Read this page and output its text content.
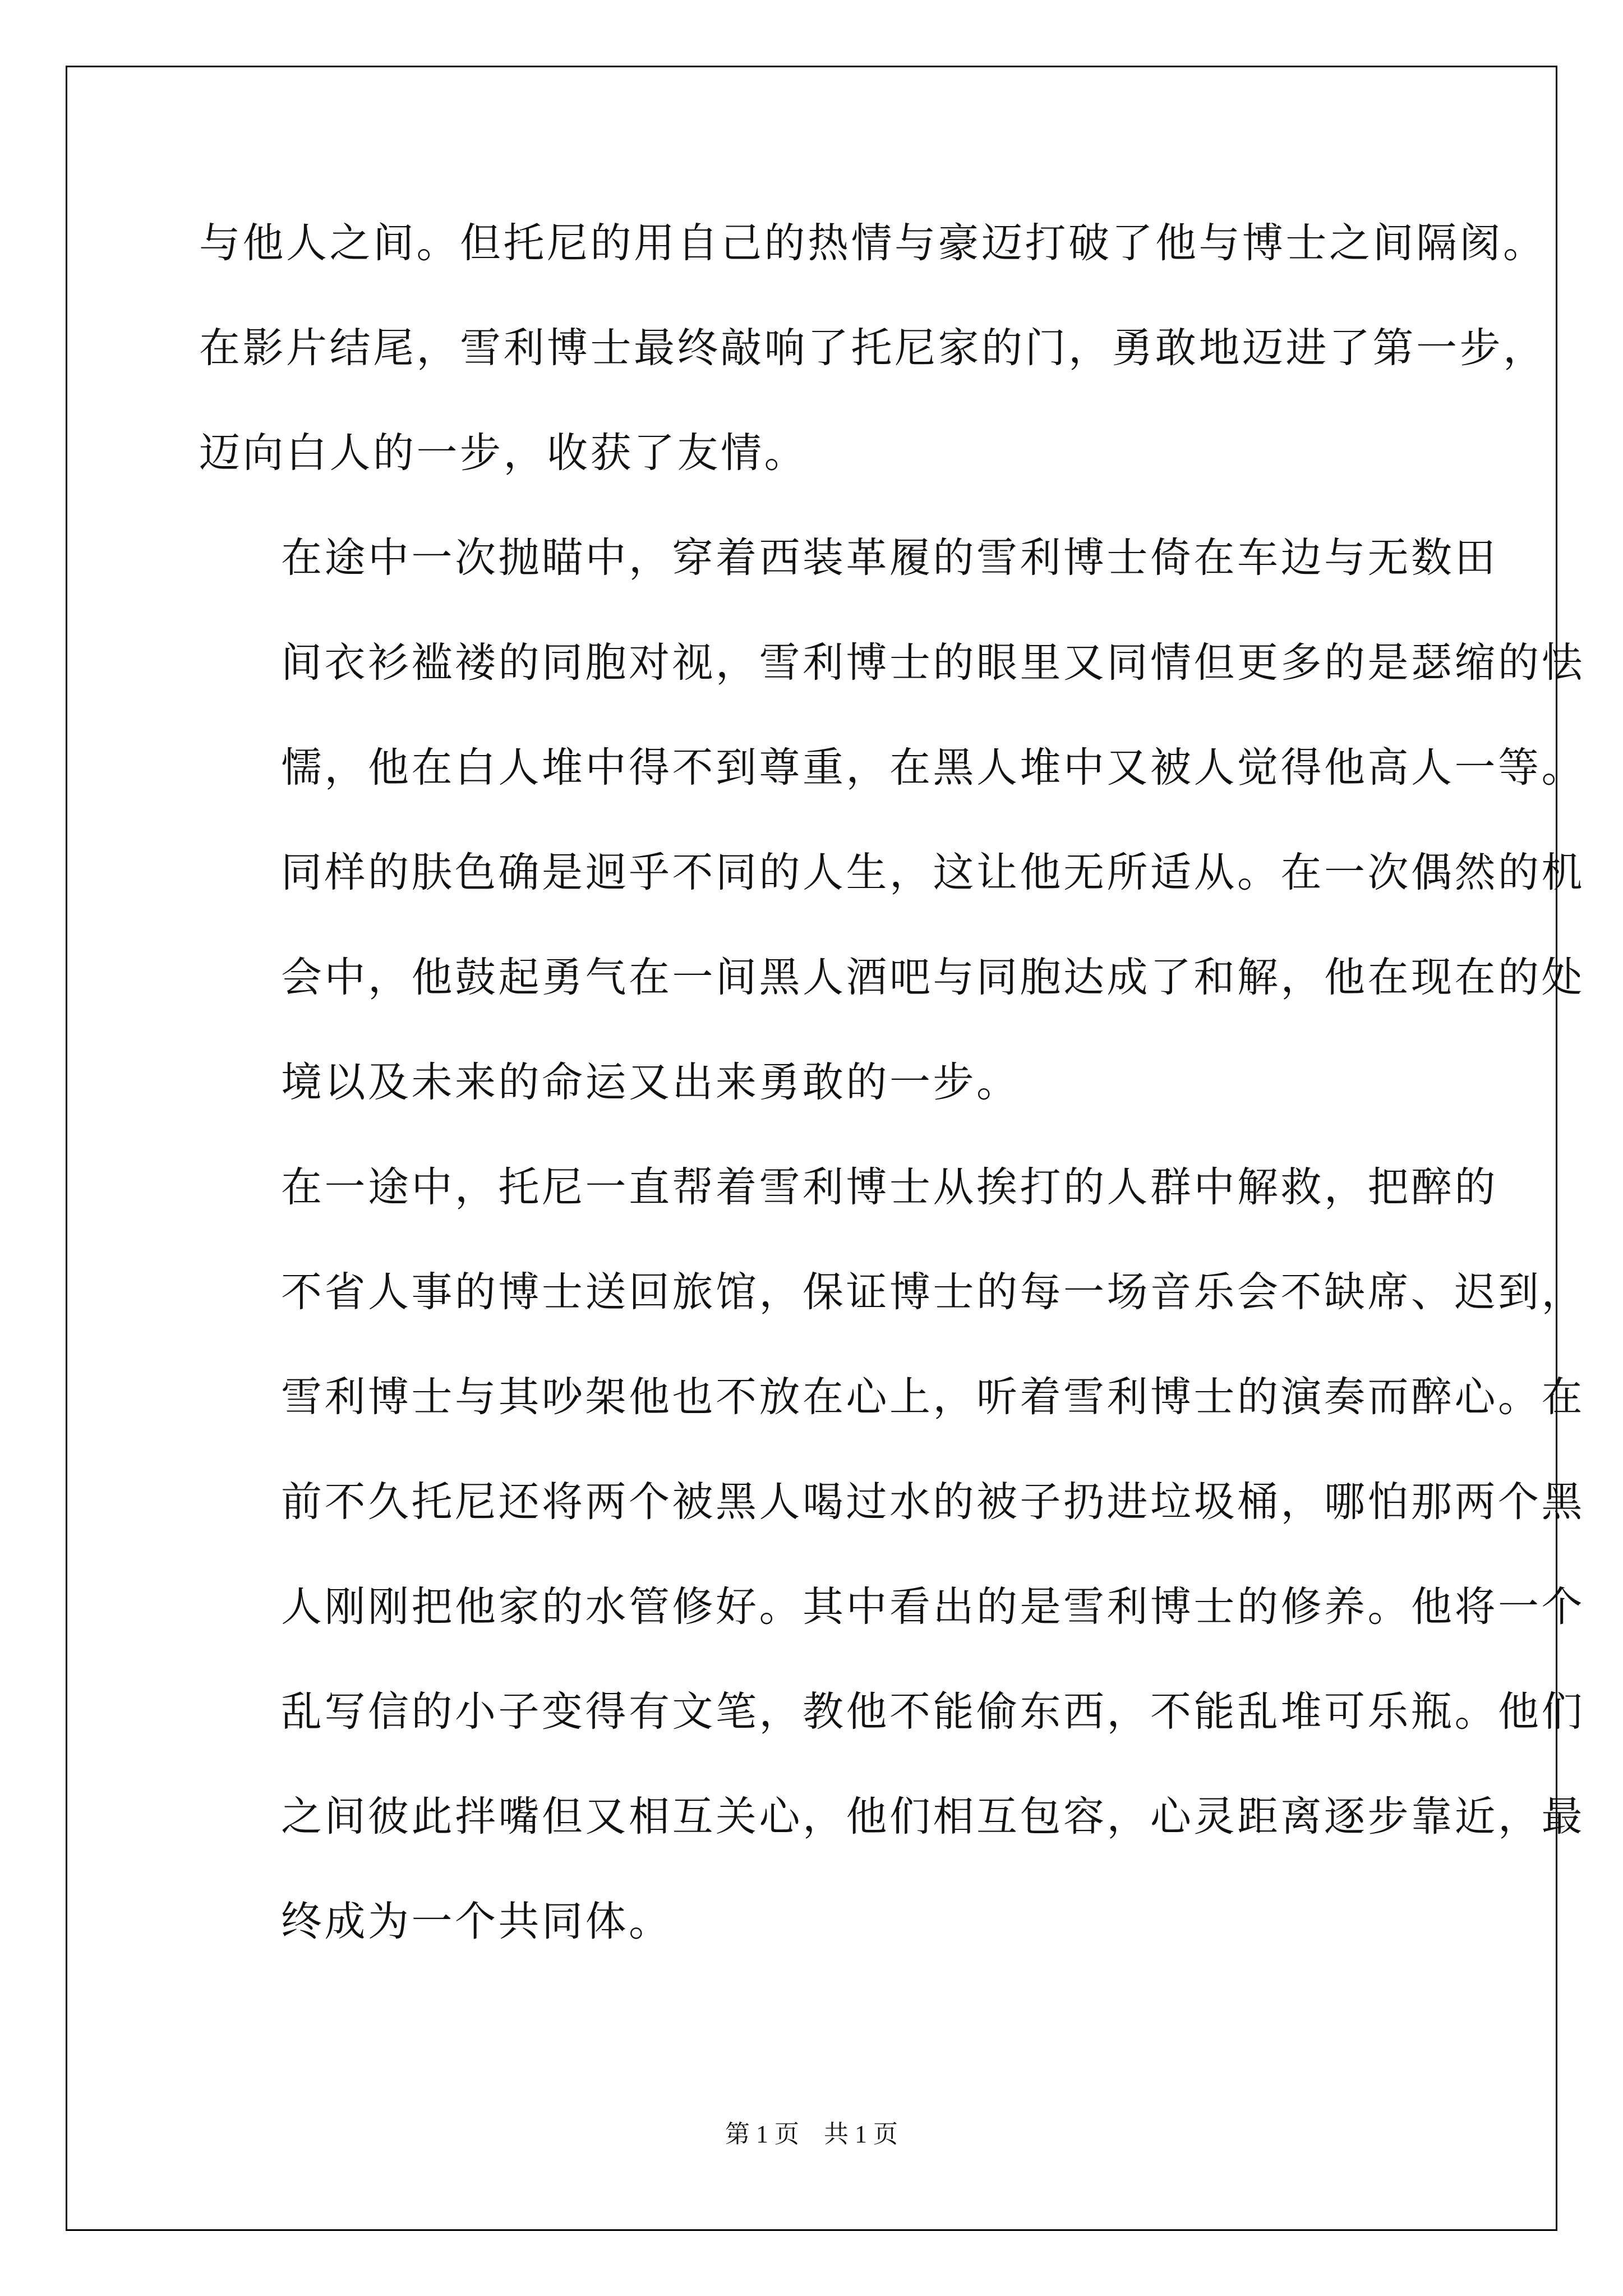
与他人之间。但托尼的用自己的热情与豪迈打破了他与博士之间隔阂。
在影片结尾，雪利博士最终敲响了托尼家的门，勇敢地迈进了第一步，
迈向白人的一步，收获了友情。

在途中一次抛瞄中，穿着西装革履的雪利博士倚在车边与无数田
间衣衫褴褛的同胞对视，雪利博士的眼里又同情但更多的是瑟缩的怯
懦，他在白人堆中得不到尊重，在黑人堆中又被人觉得他高人一等。
同样的肤色确是迥乎不同的人生，这让他无所适从。在一次偶然的机
会中，他鼓起勇气在一间黑人酒吧与同胞达成了和解，他在现在的处
境以及未来的命运又出来勇敢的一步。

在一途中，托尼一直帮着雪利博士从挨打的人群中解救，把醉的
不省人事的博士送回旅馆，保证博士的每一场音乐会不缺席、迟到，
雪利博士与其吵架他也不放在心上，听着雪利博士的演奏而醉心。在
前不久托尼还将两个被黑人喝过水的被子扔进垃圾桶，哪怕那两个黑
人刚刚把他家的水管修好。其中看出的是雪利博士的修养。他将一个
乱写信的小子变得有文笔，教他不能偷东西，不能乱堆可乐瓶。他们
之间彼此拌嘴但又相互关心，他们相互包容，心灵距离逐步靠近，最
终成为一个共同体。

第 1 页    共 1 页
